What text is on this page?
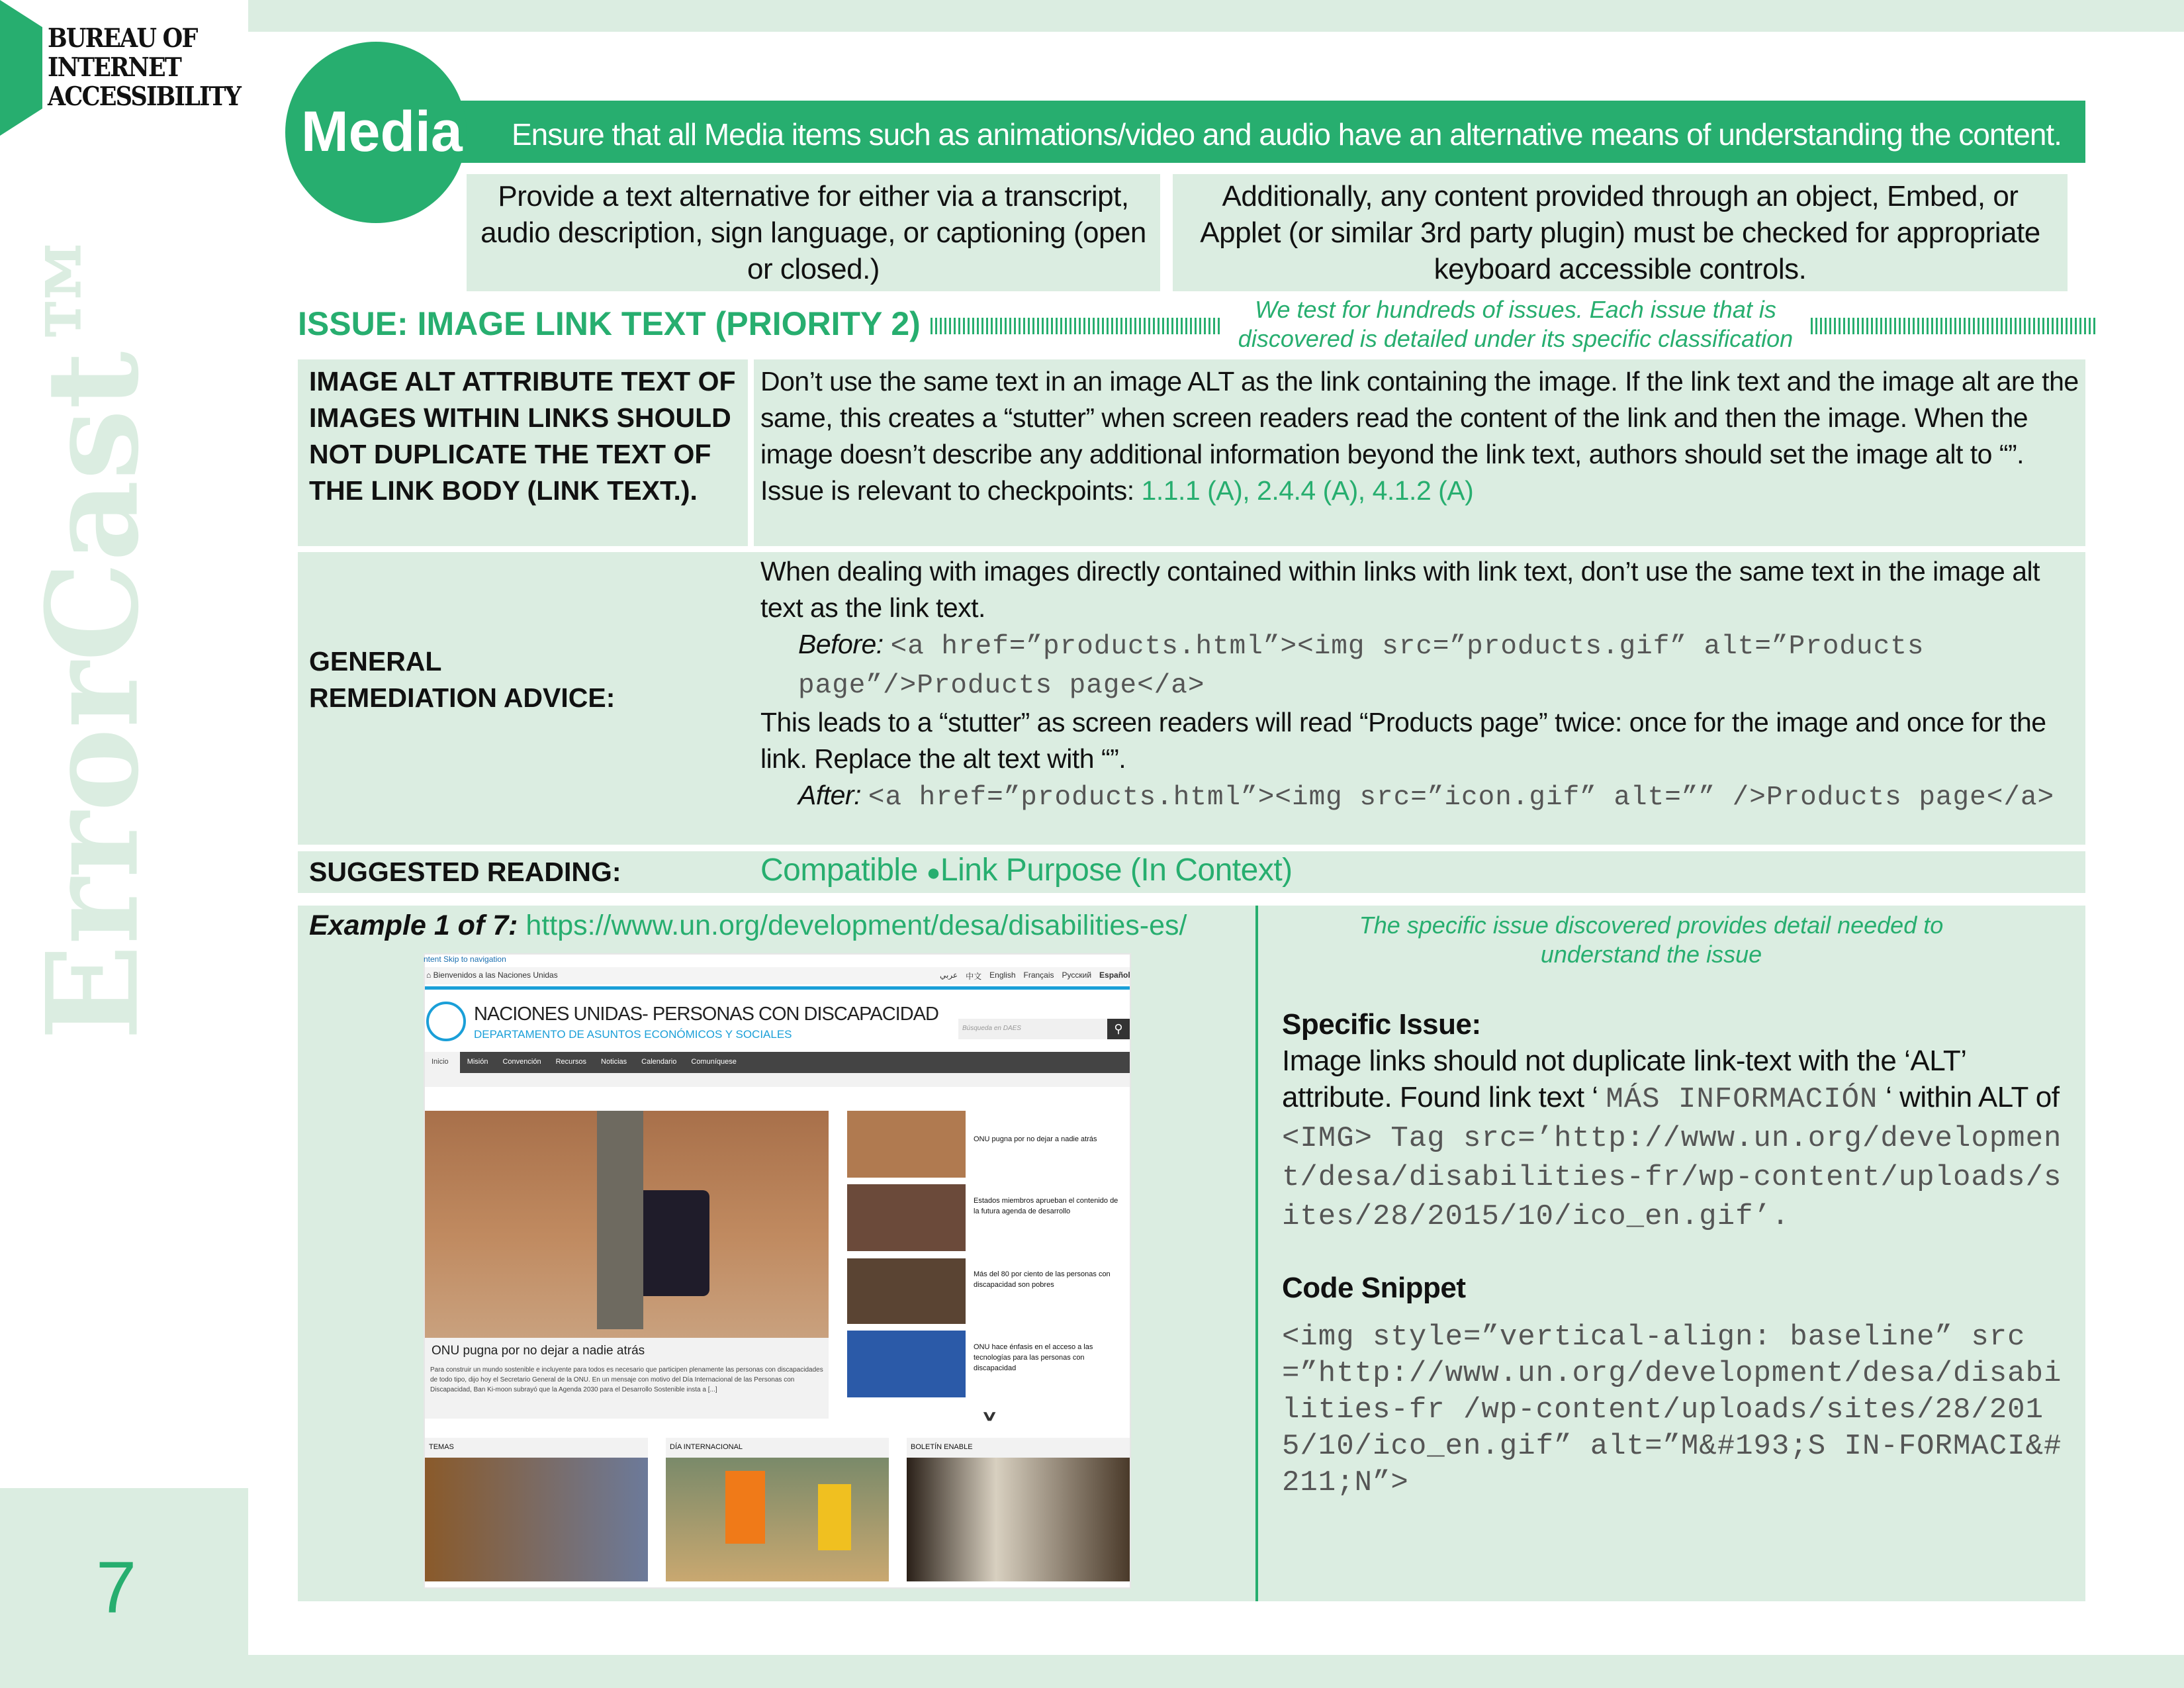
BUREAU OF
INTERNET
ACCESSIBILITY
ErrorCast™
7
Media Ensure that all Media items such as animations/video and audio have an alternative means of understanding the content.
Provide a text alternative for either via a transcript, audio description, sign language, or captioning (open or closed.)
Additionally, any content provided through an object, Embed, or Applet (or similar 3rd party plugin) must be checked for appropriate keyboard accessible controls.
ISSUE: IMAGE LINK TEXT (PRIORITY 2)	We test for hundreds of issues. Each issue that is discovered is detailed under its specific classification
IMAGE ALT ATTRIBUTE TEXT OF IMAGES WITHIN LINKS SHOULD NOT DUPLICATE THE TEXT OF THE LINK BODY (LINK TEXT.).
Don’t use the same text in an image ALT as the link containing the image. If the link text and the image alt are the same, this creates a “stutter” when screen readers read the content of the link and then the image. When the image doesn’t describe any additional information beyond the link text, authors should set the image alt to “”.
Issue is relevant to checkpoints: 1.1.1 (A), 2.4.4 (A), 4.1.2 (A)
GENERAL REMEDIATION ADVICE:
When dealing with images directly contained within links with link text, don’t use the same text in the image alt text as the link text.
Before: <a href=”products.html”><img src=”products.gif” alt=”Products page”/>Products page</a>
This leads to a “stutter” as screen readers will read “Products page” twice: once for the image and once for the link. Replace the alt text with “”.
After: <a href=”products.html”><img src=”icon.gif” alt=”” />Products page</a>
SUGGESTED READING:	Compatible ●Link Purpose (In Context)
Example 1 of 7: https://www.un.org/development/desa/disabilities-es/	The specific issue discovered provides detail needed to understand the issue
Specific Issue:
Image links should not duplicate link-text with the ‘ALT’ attribute. Found link text ‘ MÁS INFORMACIÓN ‘ within ALT of <IMG> Tag src=’http://www.un.org/development/desa/disabilities-fr/wp-content/uploads/sites/28/2015/10/ico_en.gif’.
Code Snippet
<img style=”vertical-align: baseline” src=”http://www.un.org/development/desa/disabilities-fr /wp-content/uploads/sites/28/2015/10/ico_en.gif” alt=”M&#193;S IN-FORMACI&#211;N”>
ntent Skip to navigation
⌂ Bienvenidos a las Naciones Unidas	عربي 中文 English Français Русский Español
NACIONES UNIDAS- PERSONAS CON DISCAPACIDAD
DEPARTAMENTO DE ASUNTOS ECONÓMICOS Y SOCIALES	Búsqueda en DAES	⚲
Inicio	Misión Convención Recursos Noticias Calendario Comuníquese
ONU pugna por no dejar a nadie atrás
Para construir un mundo sostenible e incluyente para todos es necesario que participen plenamente las personas con discapacidades de todo tipo, dijo hoy el Secretario General de la ONU. En un mensaje con motivo del Día Internacional de las Personas con Discapacidad, Ban Ki-moon subrayó que la Agenda 2030 para el Desarrollo Sostenible insta a [...]
ONU pugna por no dejar a nadie atrás
Estados miembros aprueban el contenido de la futura agenda de desarrollo
Más del 80 por ciento de las personas con discapacidad son pobres
ONU hace énfasis en el acceso a las tecnologías para las personas con discapacidad
∨
TEMAS	DÍA INTERNACIONAL	BOLETÍN ENABLE
